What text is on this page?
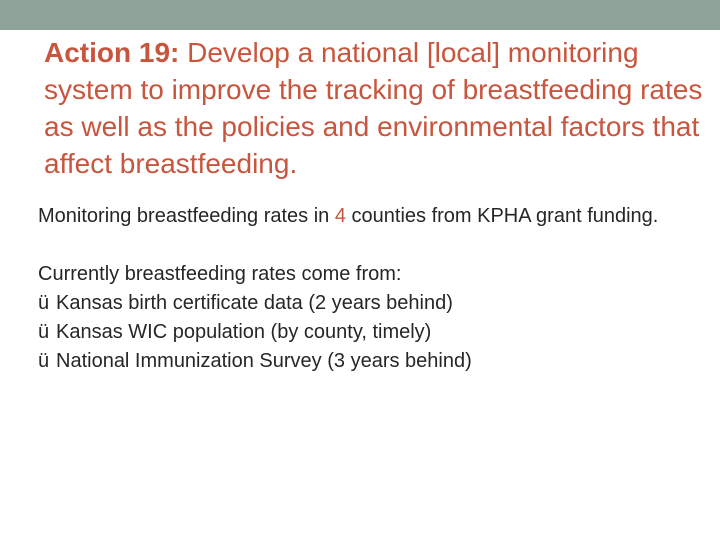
Action 19: Develop a national [local] monitoring system to improve the tracking of breastfeeding rates as well as the policies and environmental factors that affect breastfeeding.
Monitoring breastfeeding rates in 4 counties from KPHA grant funding.
Currently breastfeeding rates come from:
ü Kansas birth certificate data (2 years behind)
ü Kansas WIC population (by county, timely)
ü National Immunization Survey (3 years behind)
